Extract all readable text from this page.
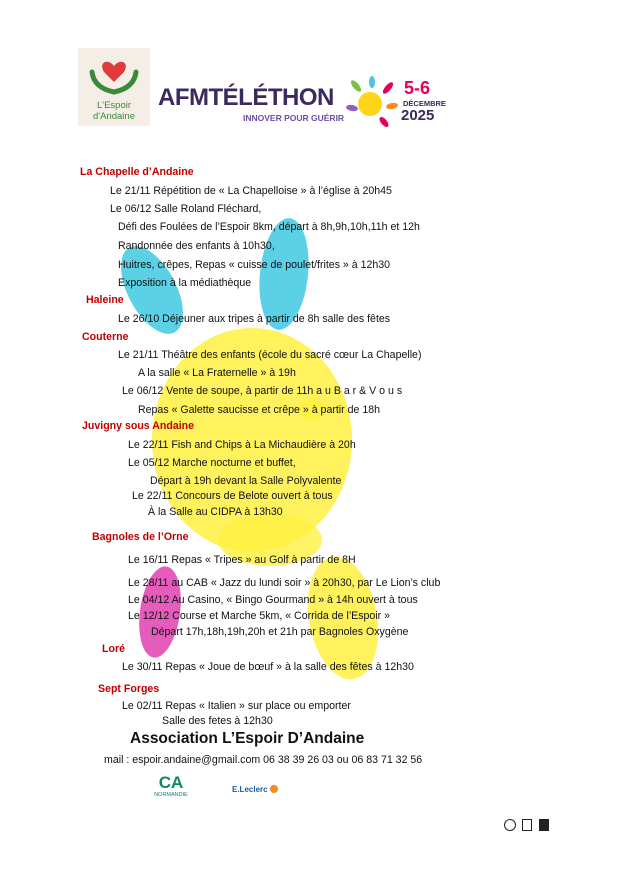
L'Espoir
d'Andaine
AFMTÉLÉTHON
INNOVER POUR GUÉRIR
5-6
DÉCEMBRE
2025
La Chapelle d’Andaine
Le 21/11 Répétition de « La Chapelloise » à l’église à 20h45
Le 06/12 Salle Roland Fléchard,
Défi des Foulées de l’Espoir 8km, départ à 8h,9h,10h,11h et 12h
Randonnée des enfants à 10h30,
Huitres, crêpes, Repas « cuisse de poulet/frites » à 12h30
Exposition à la médiathèque
Haleine
Le 26/10 Déjeuner aux tripes à partir de 8h salle des fêtes
Couterne
Le 21/11 Théâtre des enfants (école du sacré cœur La Chapelle)
A la salle « La Fraternelle » à 19h
Le 06/12 Vente de soupe, à partir de 11h a u B a r & V o u s
Repas « Galette saucisse et crêpe » à partir de 18h
Juvigny sous Andaine
Le 22/11 Fish and Chips à La Michaudière à 20h
Le 05/12 Marche nocturne et buffet,
Départ à 19h devant la Salle Polyvalente
Le 22/11 Concours de Belote ouvert à tous
À la Salle au CIDPA à 13h30
Bagnoles de l’Orne
Le 16/11 Repas « Tripes » au Golf à partir de 8H
Le 28/11 au CAB « Jazz du lundi soir » à 20h30, par Le Lion’s club
Le 04/12 Au Casino, « Bingo Gourmand » à 14h ouvert à tous
Le 12/12 Course et Marche 5km, « Corrida de l’Espoir »
Départ 17h,18h,19h,20h et 21h par Bagnoles Oxygène
Loré
Le 30/11 Repas « Joue de bœuf » à la salle des fêtes à 12h30
Sept Forges
Le 02/11 Repas « Italien » sur place ou emporter
Salle des fetes à 12h30
Association L’Espoir D’Andaine
mail : espoir.andaine@gmail.com 06 38 39 26 03 ou 06 83 71 32 56
CA
NORMANDIE
E.Leclerc
